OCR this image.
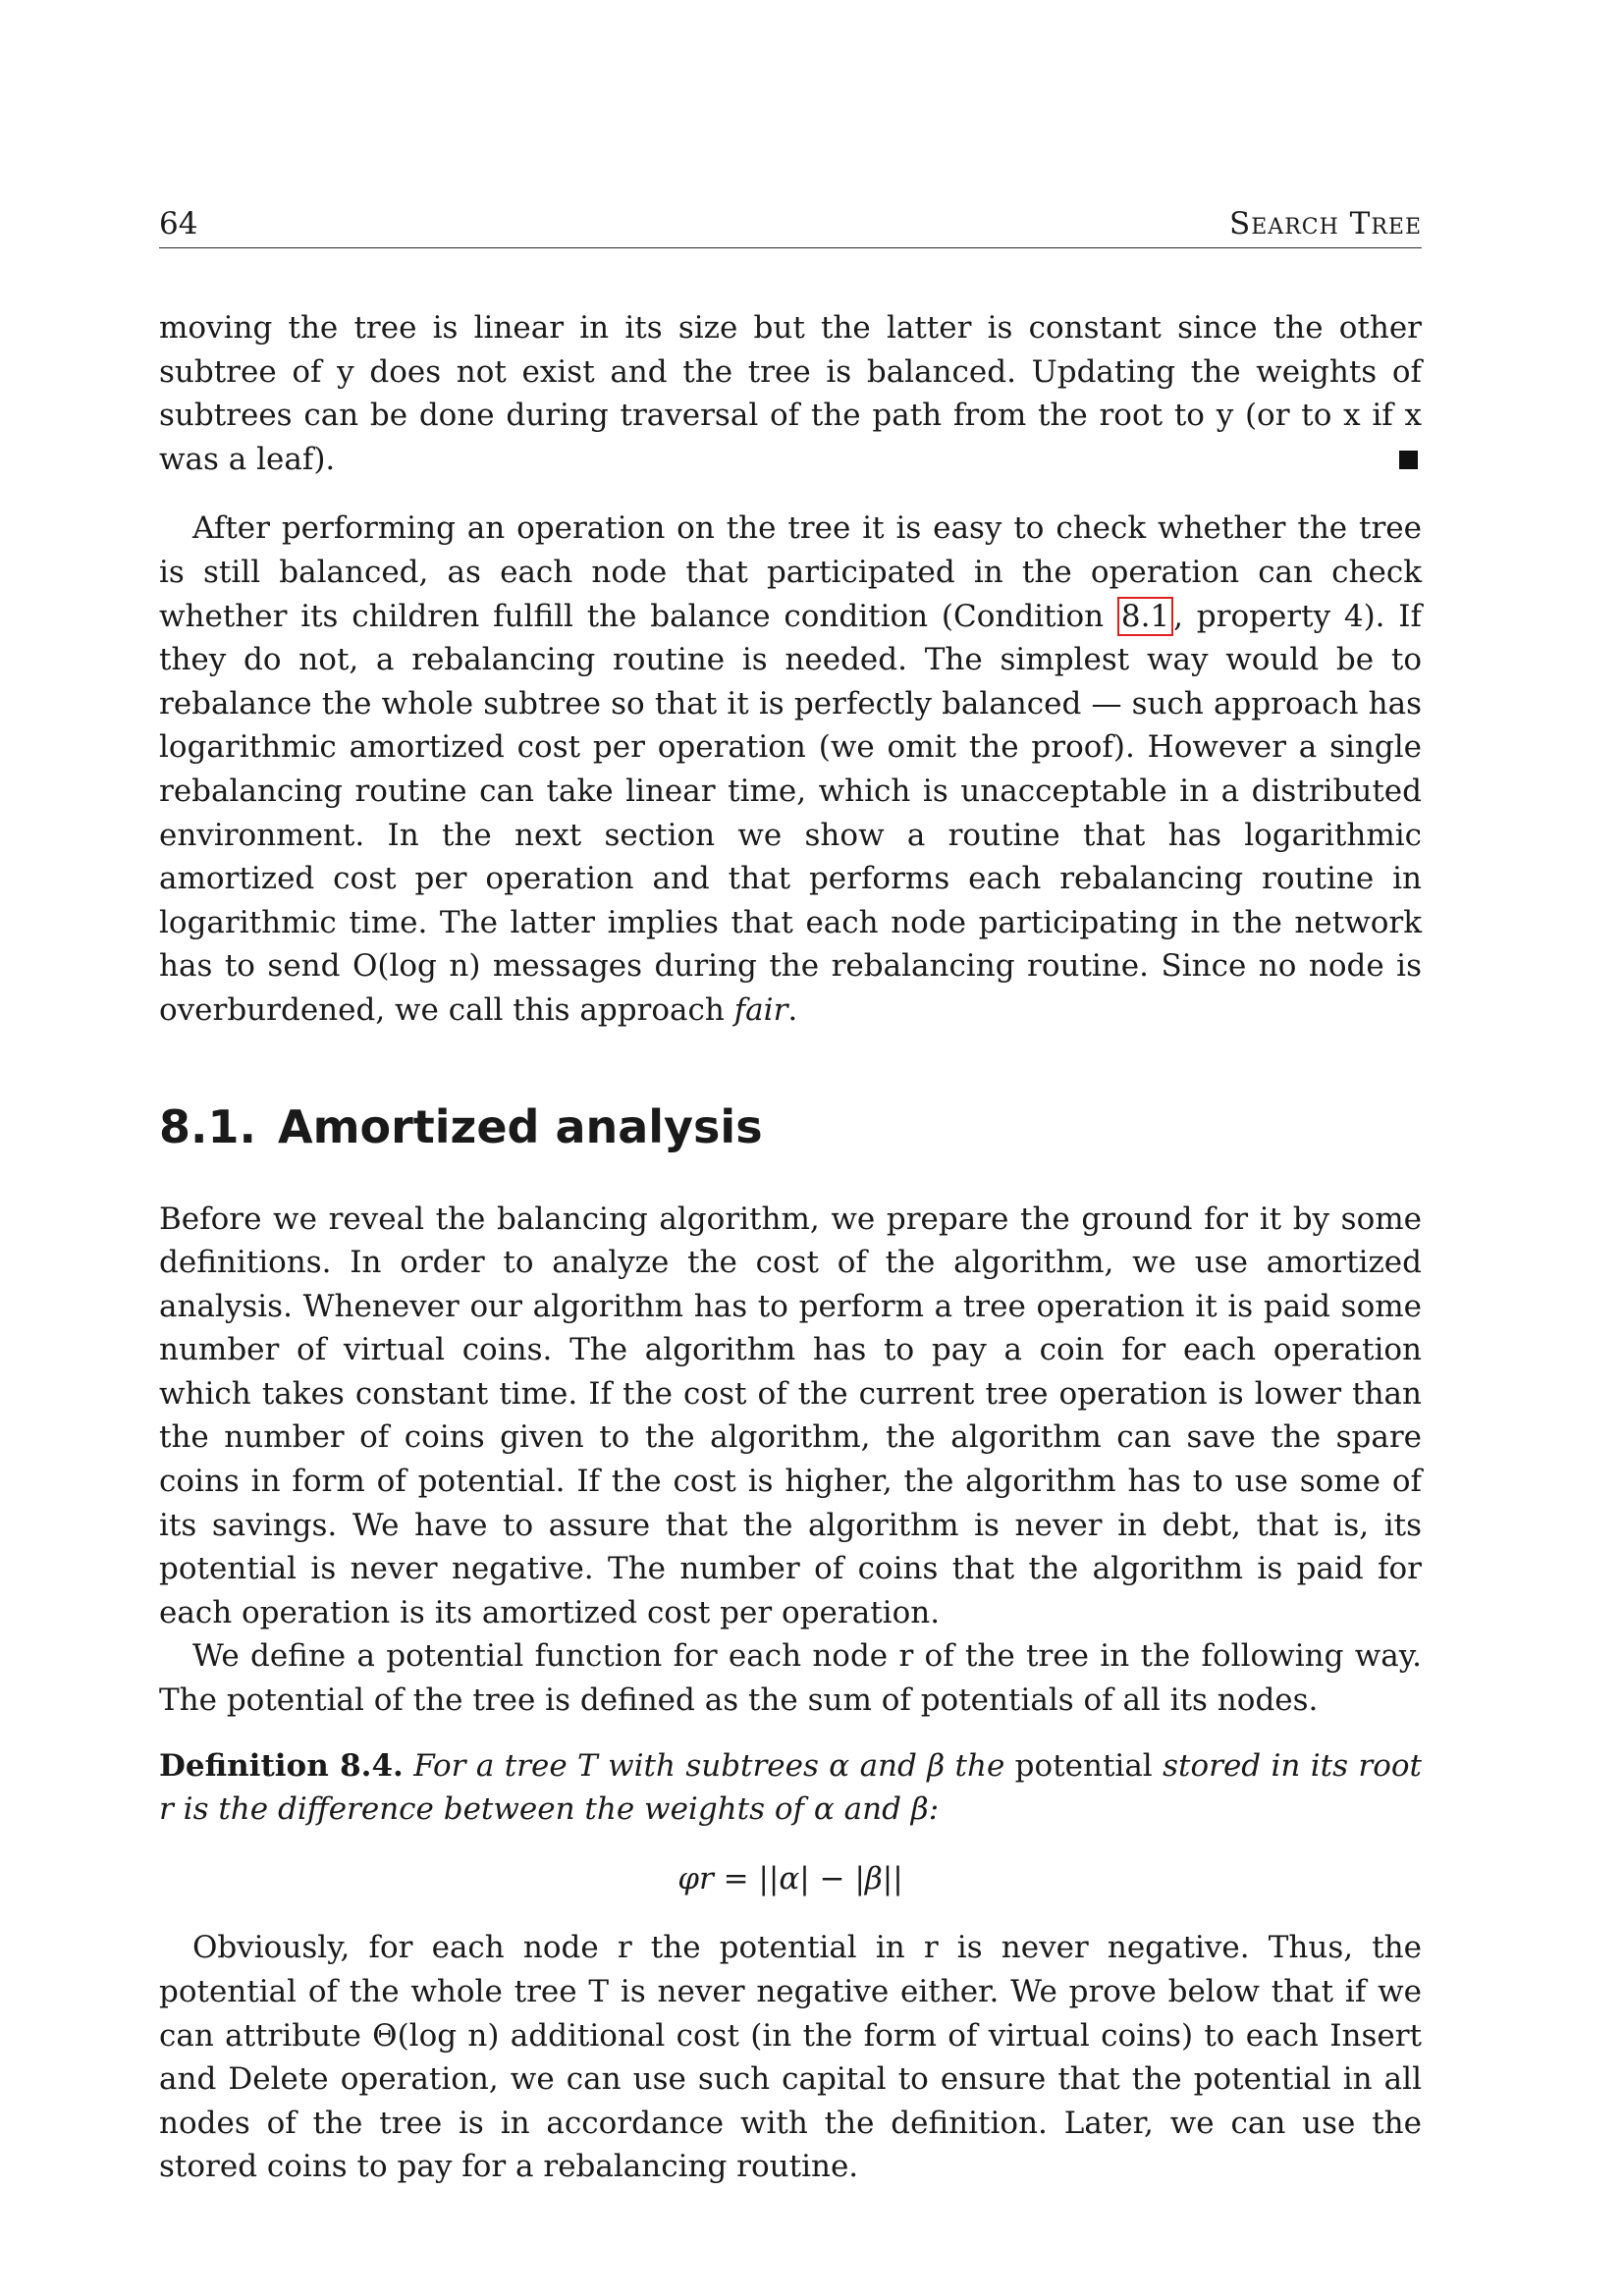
64	Search Tree

moving the tree is linear in its size but the latter is constant since the other subtree of y does not exist and the tree is balanced. Updating the weights of subtrees can be done during traversal of the path from the root to y (or to x if x was a leaf).

After performing an operation on the tree it is easy to check whether the tree is still balanced, as each node that participated in the operation can check whether its children fulfill the balance condition (Condition 8.1 , property 4). If they do not, a rebalancing routine is needed. The simplest way would be to rebalance the whole subtree so that it is perfectly balanced — such approach has logarithmic amortized cost per operation (we omit the proof). However a single rebalancing routine can take linear time, which is unacceptable in a distributed environment. In the next section we show a routine that has logarithmic amortized cost per operation and that performs each rebalancing routine in logarithmic time. The latter implies that each node participating in the network has to send O(log n) messages during the rebalancing routine. Since no node is overburdened, we call this approach fair.

8.1. Amortized analysis

Before we reveal the balancing algorithm, we prepare the ground for it by some definitions. In order to analyze the cost of the algorithm, we use amortized analysis. Whenever our algorithm has to perform a tree operation it is paid some number of virtual coins. The algorithm has to pay a coin for each operation which takes constant time. If the cost of the current tree operation is lower than the number of coins given to the algorithm, the algorithm can save the spare coins in form of potential. If the cost is higher, the algorithm has to use some of its savings. We have to assure that the algorithm is never in debt, that is, its potential is never negative. The number of coins that the algorithm is paid for each operation is its amortized cost per operation.

We define a potential function for each node r of the tree in the following way. The potential of the tree is defined as the sum of potentials of all its nodes.

Definition 8.4. For a tree T with subtrees α and β the potential stored in its root r is the difference between the weights of α and β:

φr = ||α| − |β||

Obviously, for each node r the potential in r is never negative. Thus, the potential of the whole tree T is never negative either. We prove below that if we can attribute Θ(log n) additional cost (in the form of virtual coins) to each Insert and Delete operation, we can use such capital to ensure that the potential in all nodes of the tree is in accordance with the definition. Later, we can use the stored coins to pay for a rebalancing routine.
